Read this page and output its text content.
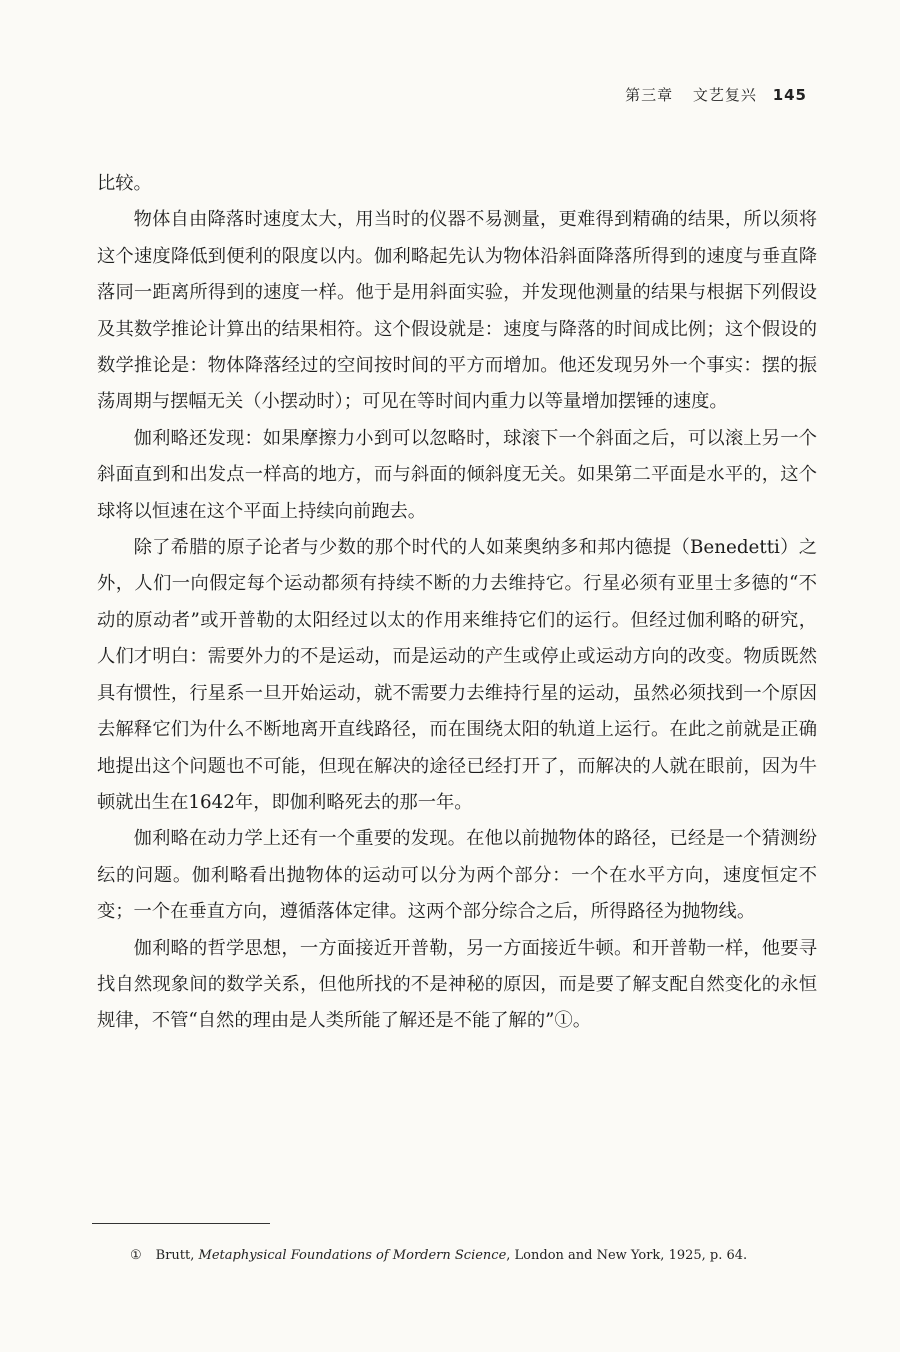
第三章 文艺复兴 145

比较。

物体自由降落时速度太大，用当时的仪器不易测量，更难得到精确的结果，所以须将这个速度降低到便利的限度以内。伽利略起先认为物体沿斜面降落所得到的速度与垂直降落同一距离所得到的速度一样。他于是用斜面实验，并发现他测量的结果与根据下列假设及其数学推论计算出的结果相符。这个假设就是：速度与降落的时间成比例；这个假设的数学推论是：物体降落经过的空间按时间的平方而增加。他还发现另外一个事实：摆的振荡周期与摆幅无关（小摆动时）；可见在等时间内重力以等量增加摆锤的速度。

伽利略还发现：如果摩擦力小到可以忽略时，球滚下一个斜面之后，可以滚上另一个斜面直到和出发点一样高的地方，而与斜面的倾斜度无关。如果第二平面是水平的，这个球将以恒速在这个平面上持续向前跑去。

除了希腊的原子论者与少数的那个时代的人如莱奥纳多和邦内德提（Benedetti）之外，人们一向假定每个运动都须有持续不断的力去维持它。行星必须有亚里士多德的“不动的原动者”或开普勒的太阳经过以太的作用来维持它们的运行。但经过伽利略的研究，人们才明白：需要外力的不是运动，而是运动的产生或停止或运动方向的改变。物质既然具有惯性，行星系一旦开始运动，就不需要力去维持行星的运动，虽然必须找到一个原因去解释它们为什么不断地离开直线路径，而在围绕太阳的轨道上运行。在此之前就是正确地提出这个问题也不可能，但现在解决的途径已经打开了，而解决的人就在眼前，因为牛顿就出生在1642年，即伽利略死去的那一年。

伽利略在动力学上还有一个重要的发现。在他以前抛物体的路径，已经是一个猜测纷纭的问题。伽利略看出抛物体的运动可以分为两个部分：一个在水平方向，速度恒定不变；一个在垂直方向，遵循落体定律。这两个部分综合之后，所得路径为抛物线。

伽利略的哲学思想，一方面接近开普勒，另一方面接近牛顿。和开普勒一样，他要寻找自然现象间的数学关系，但他所找的不是神秘的原因，而是要了解支配自然变化的永恒规律，不管“自然的理由是人类所能了解还是不能了解的”①。

① Brutt, Metaphysical Foundations of Mordern Science, London and New York, 1925, p. 64.
